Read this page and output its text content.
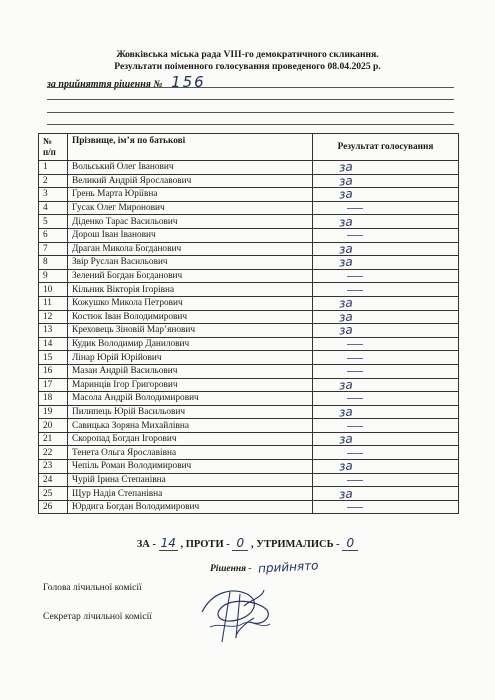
Жовківська міська рада VIII-го демократичного скликання.
Результати поіменного голосування проведеного 08.04.2025 р.
за прийняття рішення № 156
№
п/п	Прізвище, ім’я по батькові	Результат голосування
1	Вольський Олег Іванович	за
2	Великий Андрій Ярославович	за
3	Грень Марта Юріївна	за
4	Гусак Олег Миронович	
5	Діденко Тарас Васильович	за
6	Дорош Іван Іванович	
7	Драган Микола Богданович	за
8	Звір Руслан Васильович	за
9	Зелений Богдан Богданович	
10	Кільник Вікторія Ігорівна	
11	Кожушко Микола Петрович	за
12	Костюк Іван Володимирович	за
13	Креховець Зіновій Мар’янович	за
14	Кудик Володимир Данилович	
15	Лінар Юрій Юрійович	
16	Мазан Андрій Васильович	
17	Маринців Ігор Григорович	за
18	Масола Андрій Володимирович	
19	Пилипець Юрій Васильович	за
20	Савицька Зоряна Михайлівна	
21	Скоропад Богдан Ігорович	за
22	Тенета Ольга Ярославівна	
23	Чепіль Роман Володимирович	за
24	Чурій Ірина Степанівна	
25	Щур Надія Степанівна	за
26	Юрдига Богдан Володимирович	
ЗА - 14 , ПРОТИ - 0 , УТРИМАЛИСЬ - 0
Рішення - прийнято
Голова лічильної комісії
Секретар лічильної комісії
